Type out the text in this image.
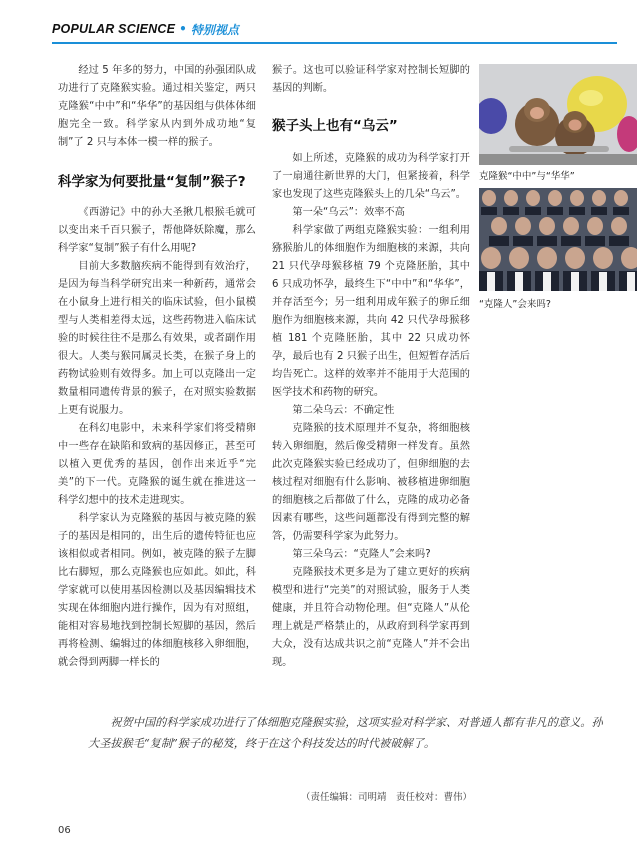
POPULAR SCIENCE • 特别视点

经过 5 年多的努力，中国的孙强团队成功进行了克隆猴实验。通过相关鉴定，两只克隆猴“中中”和“华华”的基因组与供体体细胞完全一致。科学家从内到外成功地“复制”了 2 只与本体一模一样的猴子。

科学家为何要批量“复制”猴子?

《西游记》中的孙大圣揪几根猴毛就可以变出来千百只猴子，帮他降妖除魔，那么科学家“复制”猴子有什么用呢?

目前大多数脑疾病不能得到有效治疗，是因为每当科学研究出来一种新药，通常会在小鼠身上进行相关的临床试验，但小鼠模型与人类相差得太远，这些药物进入临床试验的时候往往不是那么有效果，或者副作用很大。人类与猴同属灵长类，在猴子身上的药物试验则有效得多。加上可以克隆出一定数量相同遗传背景的猴子，在对照实验数据上更有说服力。

在科幻电影中，未来科学家们将受精卵中一些存在缺陷和致病的基因修正，甚至可以植入更优秀的基因，创作出来近乎“完美”的下一代。克隆猴的诞生就在推进这一科学幻想中的技术走进现实。

科学家认为克隆猴的基因与被克隆的猴子的基因是相同的，出生后的遗传特征也应该相似或者相同。例如，被克隆的猴子左脚比右脚短，那么克隆猴也应如此。如此，科学家就可以使用基因检测以及基因编辑技术实现在体细胞内进行操作，因为有对照组，能相对容易地找到控制长短脚的基因，然后再将检测、编辑过的体细胞核移入卵细胞，就会得到两脚一样长的

猴子。这也可以验证科学家对控制长短脚的基因的判断。

猴子头上也有“乌云”

如上所述，克隆猴的成功为科学家打开了一扇通往新世界的大门，但紧接着，科学家也发现了这些克隆猴头上的几朵“乌云”。

第一朵“乌云”：效率不高

科学家做了两组克隆猴实验：一组利用猕猴胎儿的体细胞作为细胞核的来源，共向 21 只代孕母猴移植 79 个克隆胚胎，其中 6 只成功怀孕，最终生下“中中”和“华华”，并存活至今；另一组利用成年猴子的卵丘细胞作为细胞核来源，共向 42 只代孕母猴移植 181 个克隆胚胎，其中 22 只成功怀孕，最后也有 2 只猴子出生，但短暂存活后均告死亡。这样的效率并不能用于大范围的医学技术和药物的研究。

第二朵乌云：不确定性

克隆猴的技术原理并不复杂，将细胞核转入卵细胞，然后像受精卵一样发育。虽然此次克隆猴实验已经成功了，但卵细胞的去核过程对细胞有什么影响、被移植进卵细胞的细胞核之后都做了什么，克隆的成功必备因素有哪些，这些问题都没有得到完整的解答，仍需要科学家为此努力。

第三朵乌云：“克隆人”会来吗?

克隆猴技术更多是为了建立更好的疾病模型和进行“完美”的对照试验，服务于人类健康，并且符合动物伦理。但“克隆人”从伦理上就是严格禁止的，从政府到科学家再到大众，没有达成共识之前“克隆人”并不会出现。

克隆猴“中中”与“华华”
“克隆人”会来吗?

祝贺中国的科学家成功进行了体细胞克隆猴实验，这项实验对科学家、对普通人都有非凡的意义。孙大圣拔猴毛“复制”猴子的秘笈，终于在这个科技发达的时代被破解了。

（责任编辑：司明靖　责任校对：曹伟）
06
